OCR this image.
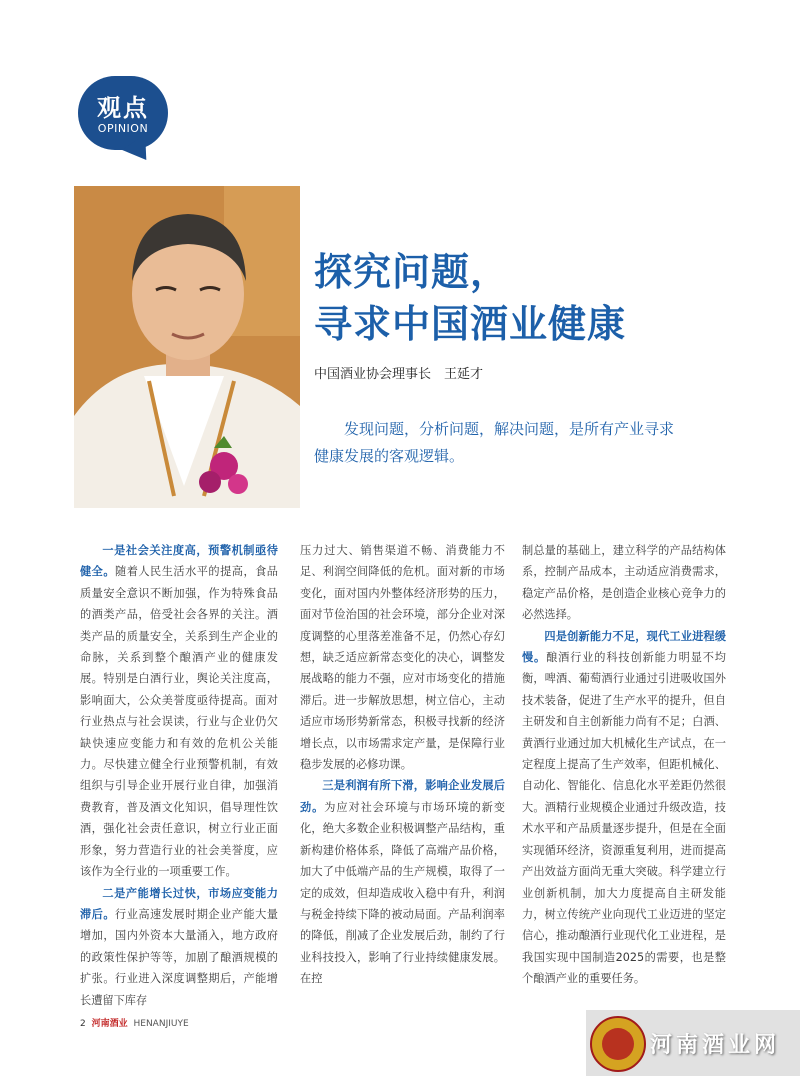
观点
OPINION
探究问题，
寻求中国酒业健康
中国酒业协会理事长　王延才
发现问题，分析问题，解决问题，是所有产业寻求健康发展的客观逻辑。

一是社会关注度高，预警机制亟待健全。随着人民生活水平的提高，食品质量安全意识不断加强，作为特殊食品的酒类产品，倍受社会各界的关注。酒类产品的质量安全，关系到生产企业的命脉，关系到整个酿酒产业的健康发展。特别是白酒行业，舆论关注度高，影响面大，公众美誉度亟待提高。面对行业热点与社会误读，行业与企业仍欠缺快速应变能力和有效的危机公关能力。尽快建立健全行业预警机制，有效组织与引导企业开展行业自律，加强消费教育，普及酒文化知识，倡导理性饮酒，强化社会责任意识，树立行业正面形象，努力营造行业的社会美誉度，应该作为全行业的一项重要工作。

二是产能增长过快，市场应变能力滞后。行业高速发展时期企业产能大量增加，国内外资本大量涌入，地方政府的政策性保护等等，加剧了酿酒规模的扩张。行业进入深度调整期后，产能增长遭留下库存

压力过大、销售渠道不畅、消费能力不足、利润空间降低的危机。面对新的市场变化，面对国内外整体经济形势的压力，面对节俭治国的社会环境，部分企业对深度调整的心里落差准备不足，仍然心存幻想，缺乏适应新常态变化的决心，调整发展战略的能力不强，应对市场变化的措施滞后。进一步解放思想，树立信心，主动适应市场形势新常态，积极寻找新的经济增长点，以市场需求定产量，是保障行业稳步发展的必修功课。

三是利润有所下滑，影响企业发展后劲。为应对社会环境与市场环境的新变化，绝大多数企业积极调整产品结构，重新构建价格体系，降低了高端产品价格，加大了中低端产品的生产规模，取得了一定的成效，但却造成收入稳中有升，利润与税金持续下降的被动局面。产品利润率的降低，削减了企业发展后劲，制约了行业科技投入，影响了行业持续健康发展。在控

制总量的基础上，建立科学的产品结构体系，控制产品成本，主动适应消费需求，稳定产品价格，是创造企业核心竞争力的必然选择。

四是创新能力不足，现代工业进程缓慢。酿酒行业的科技创新能力明显不均衡，啤酒、葡萄酒行业通过引进吸收国外技术装备，促进了生产水平的提升，但自主研发和自主创新能力尚有不足；白酒、黄酒行业通过加大机械化生产试点，在一定程度上提高了生产效率，但距机械化、自动化、智能化、信息化水平差距仍然很大。酒精行业规模企业通过升级改造，技术水平和产品质量逐步提升，但是在全面实现循环经济，资源重复利用，进而提高产出效益方面尚无重大突破。科学建立行业创新机制，加大力度提高自主研发能力，树立传统产业向现代工业迈进的坚定信心，推动酿酒行业现代化工业进程，是我国实现中国制造2025的需要，也是整个酿酒产业的重要任务。

2 河南酒业 HENANJIUYE
河南酒业网
